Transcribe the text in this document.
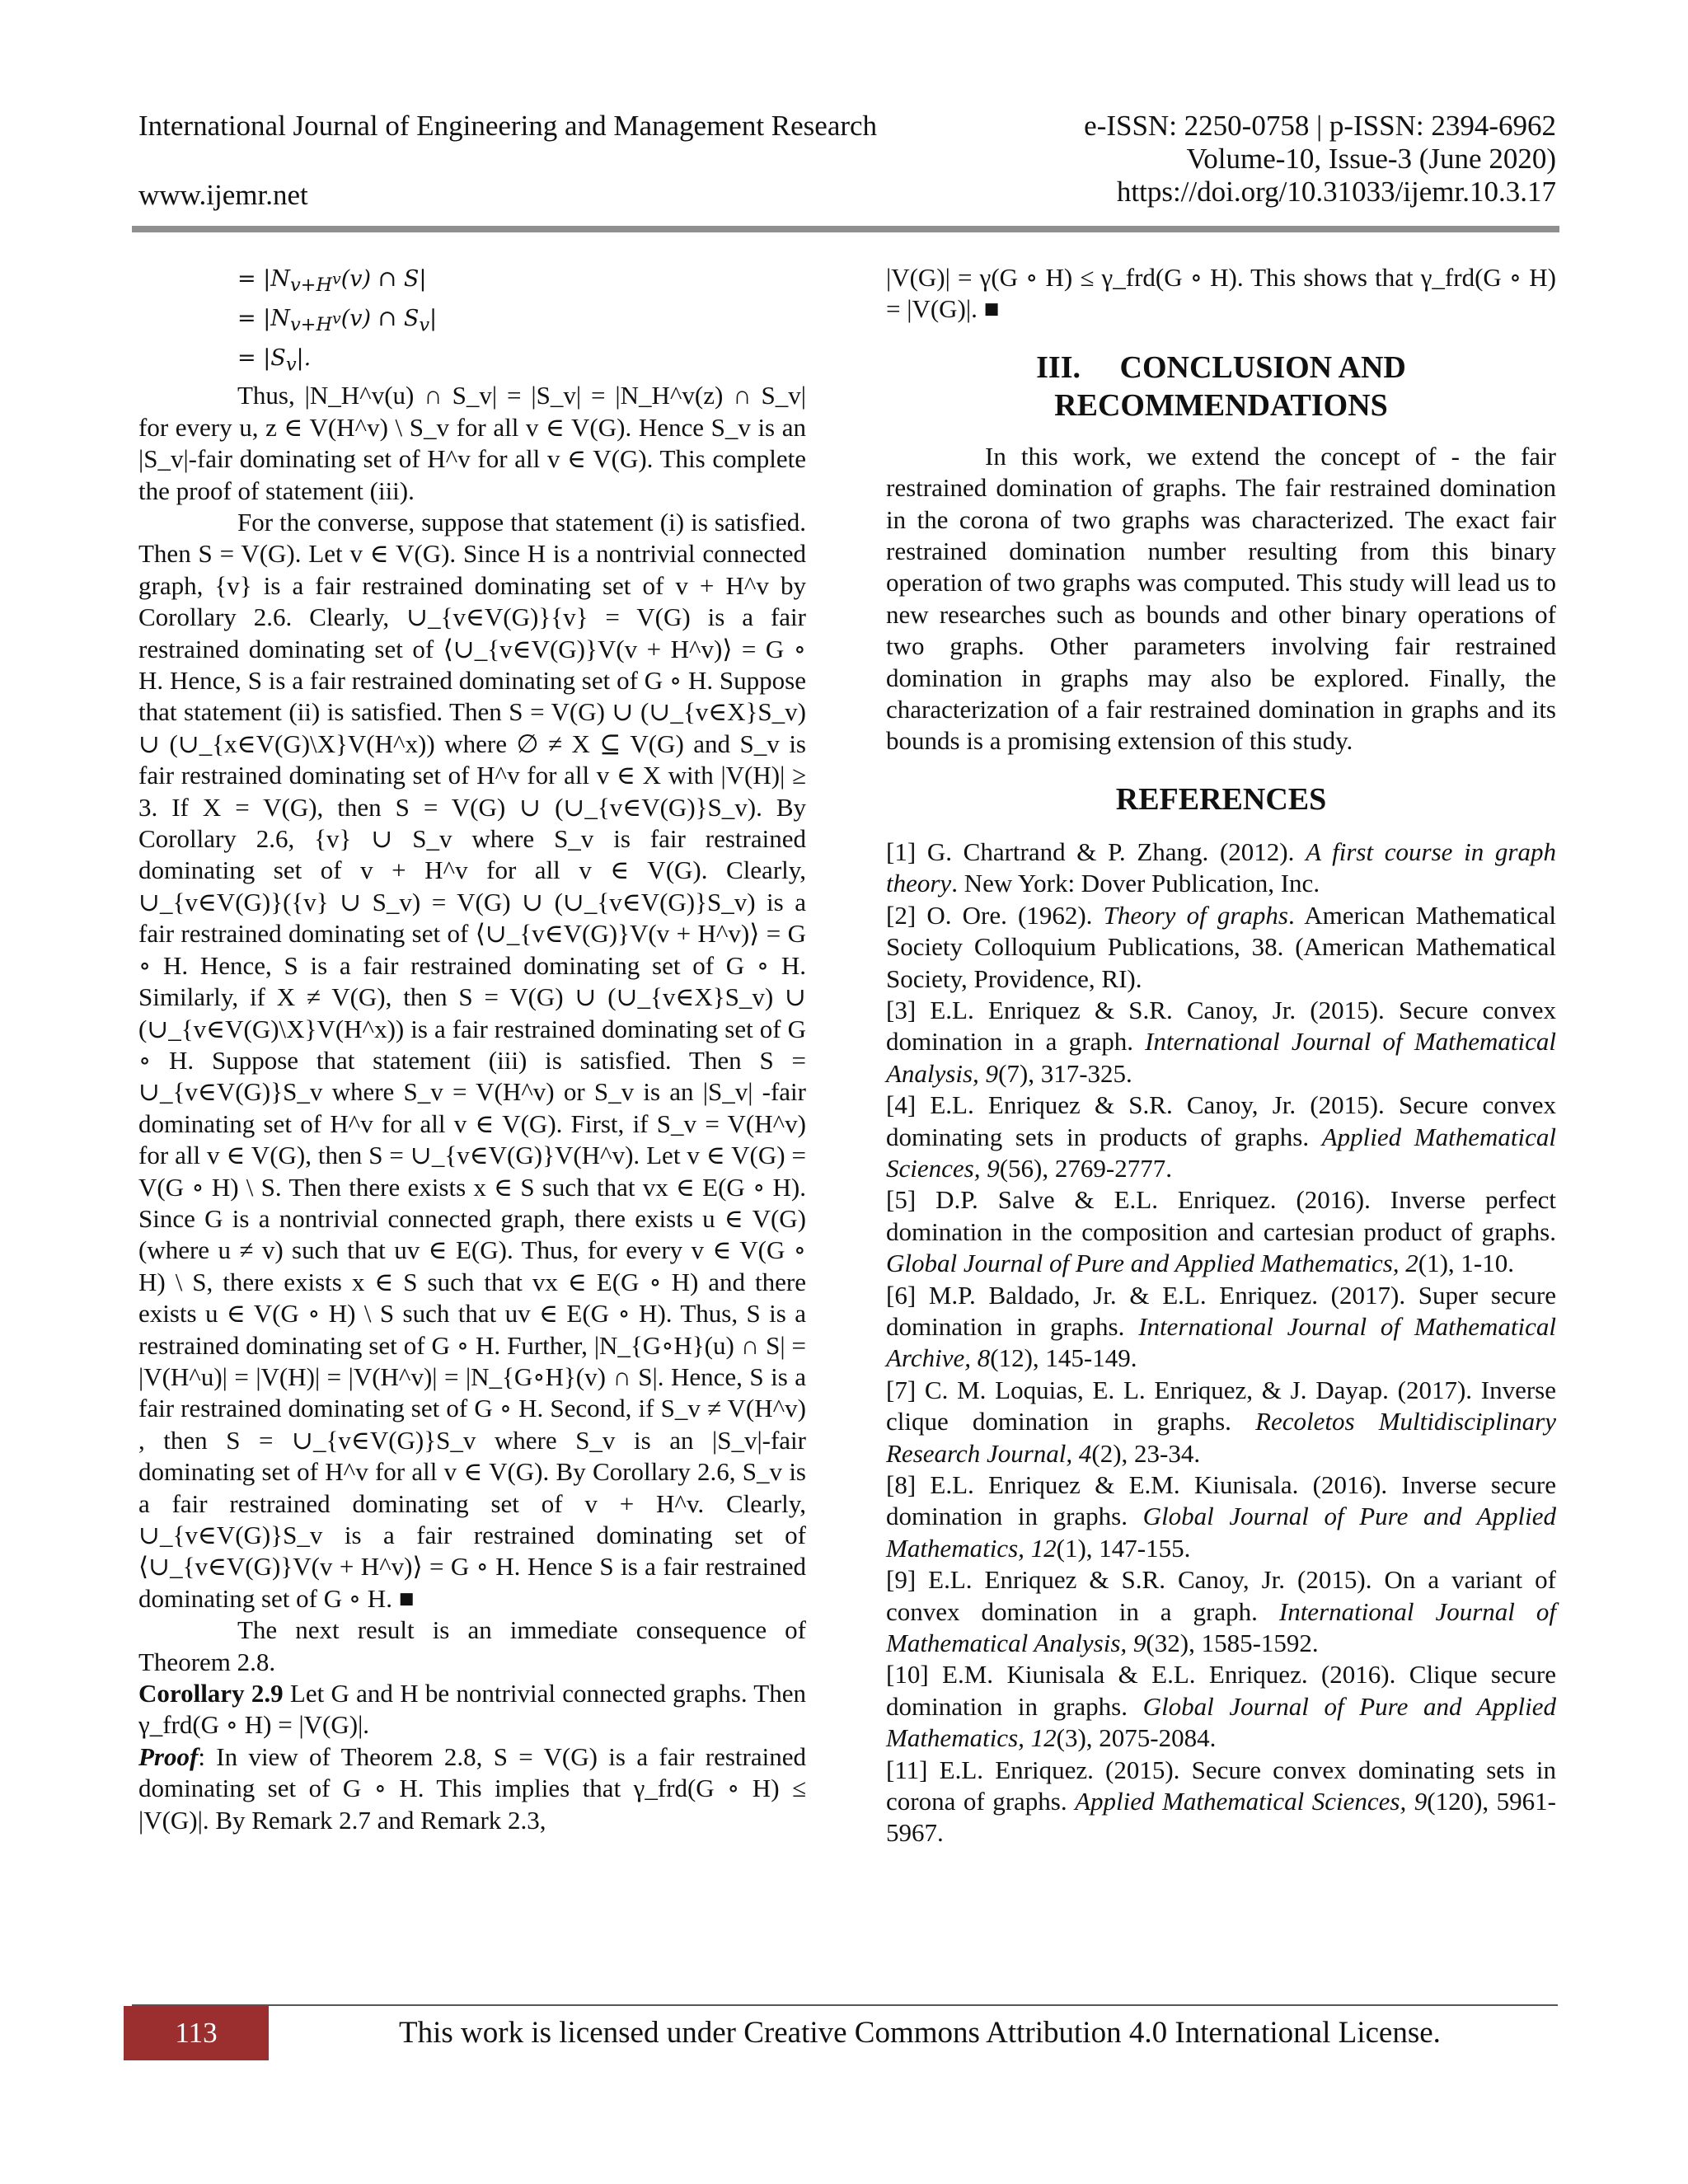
International Journal of Engineering and Management Research
www.ijemr.net
e-ISSN: 2250-0758 | p-ISSN: 2394-6962
Volume-10, Issue-3 (June 2020)
https://doi.org/10.31033/ijemr.10.3.17
= $|N_{v+H^v}(v)$ ∩ S|
= $|N_{v+H^v}(v)$ ∩ $S_v|$
= $|S_v|$.

Thus, |N_H^v(u) ∩ S_v| = |S_v| = |N_H^v(z) ∩ S_v| for every u, z ∈ V(H^v) \ S_v for all v ∈ V(G). Hence S_v is an |S_v|-fair dominating set of H^v for all v ∈ V(G). This complete the proof of statement (iii).

For the converse, suppose that statement (i) is satisfied. Then S = V(G). Let v ∈ V(G). Since H is a nontrivial connected graph, {v} is a fair restrained dominating set of v + H^v by Corollary 2.6. Clearly, ∪_{v∈V(G)}{v} = V(G) is a fair restrained dominating set of ⟨∪_{v∈V(G)}V(v + H^v)⟩ = G ∘ H. Hence, S is a fair restrained dominating set of G ∘ H. Suppose that statement (ii) is satisfied. Then S = V(G) ∪ (∪_{v∈X}S_v) ∪ (∪_{x∈V(G)\X}V(H^x)) where ∅ ≠ X ⊆ V(G) and S_v is fair restrained dominating set of H^v for all v ∈ X with |V(H)| ≥ 3. If X = V(G), then S = V(G) ∪ (∪_{v∈V(G)}S_v). By Corollary 2.6, {v} ∪ S_v where S_v is fair restrained dominating set of v + H^v for all v ∈ V(G). Clearly, ∪_{v∈V(G)}({v} ∪ S_v) = V(G) ∪ (∪_{v∈V(G)}S_v) is a fair restrained dominating set of ⟨∪_{v∈V(G)}V(v + H^v)⟩ = G ∘ H. Hence, S is a fair restrained dominating set of G ∘ H. Similarly, if X ≠ V(G), then S = V(G) ∪ (∪_{v∈X}S_v) ∪ (∪_{v∈V(G)\X}V(H^x)) is a fair restrained dominating set of G ∘ H. Suppose that statement (iii) is satisfied. Then S = ∪_{v∈V(G)}S_v where S_v = V(H^v) or S_v is an |S_v| -fair dominating set of H^v for all v ∈ V(G). First, if S_v = V(H^v) for all v ∈ V(G), then S = ∪_{v∈V(G)}V(H^v). Let v ∈ V(G) = V(G ∘ H) \ S. Then there exists x ∈ S such that vx ∈ E(G ∘ H). Since G is a nontrivial connected graph, there exists u ∈ V(G) (where u ≠ v) such that uv ∈ E(G). Thus, for every v ∈ V(G ∘ H) \ S, there exists x ∈ S such that vx ∈ E(G ∘ H) and there exists u ∈ V(G ∘ H) \ S such that uv ∈ E(G ∘ H). Thus, S is a restrained dominating set of G ∘ H. Further, |N_{G∘H}(u) ∩ S| = |V(H^u)| = |V(H)| = |V(H^v)| = |N_{G∘H}(v) ∩ S|. Hence, S is a fair restrained dominating set of G ∘ H. Second, if S_v ≠ V(H^v) , then S = ∪_{v∈V(G)}S_v where S_v is an |S_v|-fair dominating set of H^v for all v ∈ V(G). By Corollary 2.6, S_v is a fair restrained dominating set of v + H^v. Clearly, ∪_{v∈V(G)}S_v is a fair restrained dominating set of ⟨∪_{v∈V(G)}V(v + H^v)⟩ = G ∘ H. Hence S is a fair restrained dominating set of G ∘ H. ■

The next result is an immediate consequence of Theorem 2.8.

Corollary 2.9 Let G and H be nontrivial connected graphs. Then γ_frd(G ∘ H) = |V(G)|.

Proof: In view of Theorem 2.8, S = V(G) is a fair restrained dominating set of G ∘ H. This implies that γ_frd(G ∘ H) ≤ |V(G)|. By Remark 2.7 and Remark 2.3,

|V(G)| = γ(G ∘ H) ≤ γ_frd(G ∘ H). This shows that γ_frd(G ∘ H) = |V(G)|. ■

III. CONCLUSION AND

RECOMMENDATIONS

In this work, we extend the concept of - the fair restrained domination of graphs. The fair restrained domination in the corona of two graphs was characterized. The exact fair restrained domination number resulting from this binary operation of two graphs was computed. This study will lead us to new researches such as bounds and other binary operations of two graphs. Other parameters involving fair restrained domination in graphs may also be explored. Finally, the characterization of a fair restrained domination in graphs and its bounds is a promising extension of this study.

REFERENCES

[1] G. Chartrand & P. Zhang. (2012). A first course in graph theory. New York: Dover Publication, Inc.

[2] O. Ore. (1962). Theory of graphs. American Mathematical Society Colloquium Publications, 38. (American Mathematical Society, Providence, RI).

[3] E.L. Enriquez & S.R. Canoy, Jr. (2015). Secure convex domination in a graph. International Journal of Mathematical Analysis, 9(7), 317-325.

[4] E.L. Enriquez & S.R. Canoy, Jr. (2015). Secure convex dominating sets in products of graphs. Applied Mathematical Sciences, 9(56), 2769-2777.

[5] D.P. Salve & E.L. Enriquez. (2016). Inverse perfect domination in the composition and cartesian product of graphs. Global Journal of Pure and Applied Mathematics, 2(1), 1-10.

[6] M.P. Baldado, Jr. & E.L. Enriquez. (2017). Super secure domination in graphs. International Journal of Mathematical Archive, 8(12), 145-149.

[7] C. M. Loquias, E. L. Enriquez, & J. Dayap. (2017). Inverse clique domination in graphs. Recoletos Multidisciplinary Research Journal, 4(2), 23-34.

[8] E.L. Enriquez & E.M. Kiunisala. (2016). Inverse secure domination in graphs. Global Journal of Pure and Applied Mathematics, 12(1), 147-155.

[9] E.L. Enriquez & S.R. Canoy, Jr. (2015). On a variant of convex domination in a graph. International Journal of Mathematical Analysis, 9(32), 1585-1592.

[10] E.M. Kiunisala & E.L. Enriquez. (2016). Clique secure domination in graphs. Global Journal of Pure and Applied Mathematics, 12(3), 2075-2084.

[11] E.L. Enriquez. (2015). Secure convex dominating sets in corona of graphs. Applied Mathematical Sciences, 9(120), 5961-5967.

113	This work is licensed under Creative Commons Attribution 4.0 International License.
